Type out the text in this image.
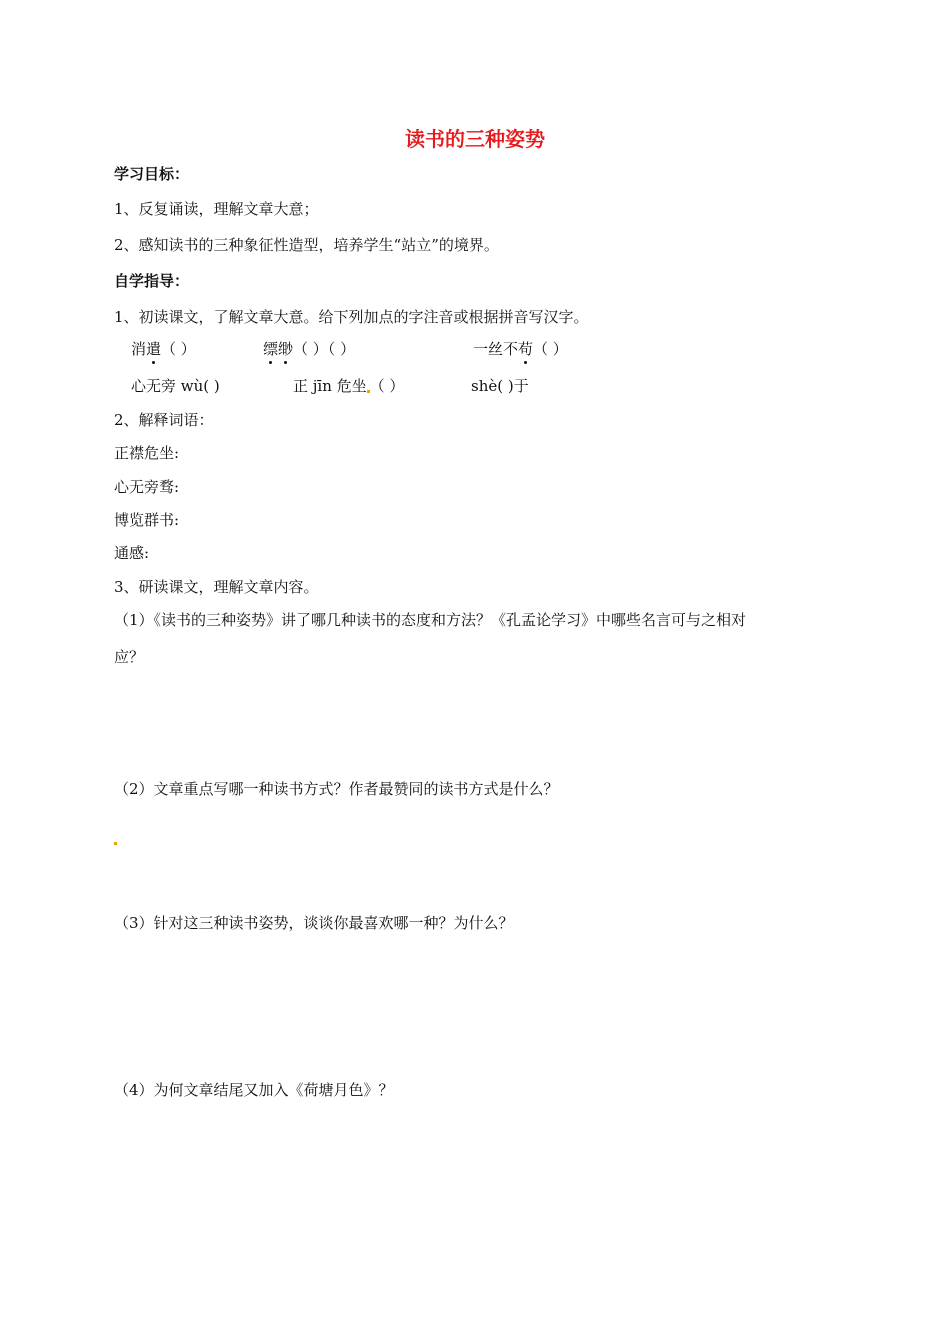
读书的三种姿势
学习目标：
1、反复诵读，理解文章大意；
2、感知读书的三种象征性造型，培养学生“站立”的境界。
自学指导：
1、初读课文，了解文章大意。给下列加点的字注音或根据拼音写汉字。
消遣（ ）	缥缈（ ）（ ）	一丝不苟（ ）
心无旁 wù( )	正 jīn 危坐 （ ）	shè( )于
2、解释词语：
正襟危坐:
心无旁骛:
博览群书:
通感:
3、研读课文，理解文章内容。
（1）《读书的三种姿势》讲了哪几种读书的态度和方法？《孔孟论学习》中哪些名言可与之相对
应？
（2）文章重点写哪一种读书方式？作者最赞同的读书方式是什么？
（3）针对这三种读书姿势，谈谈你最喜欢哪一种？为什么？
（4）为何文章结尾又加入《荷塘月色》？
